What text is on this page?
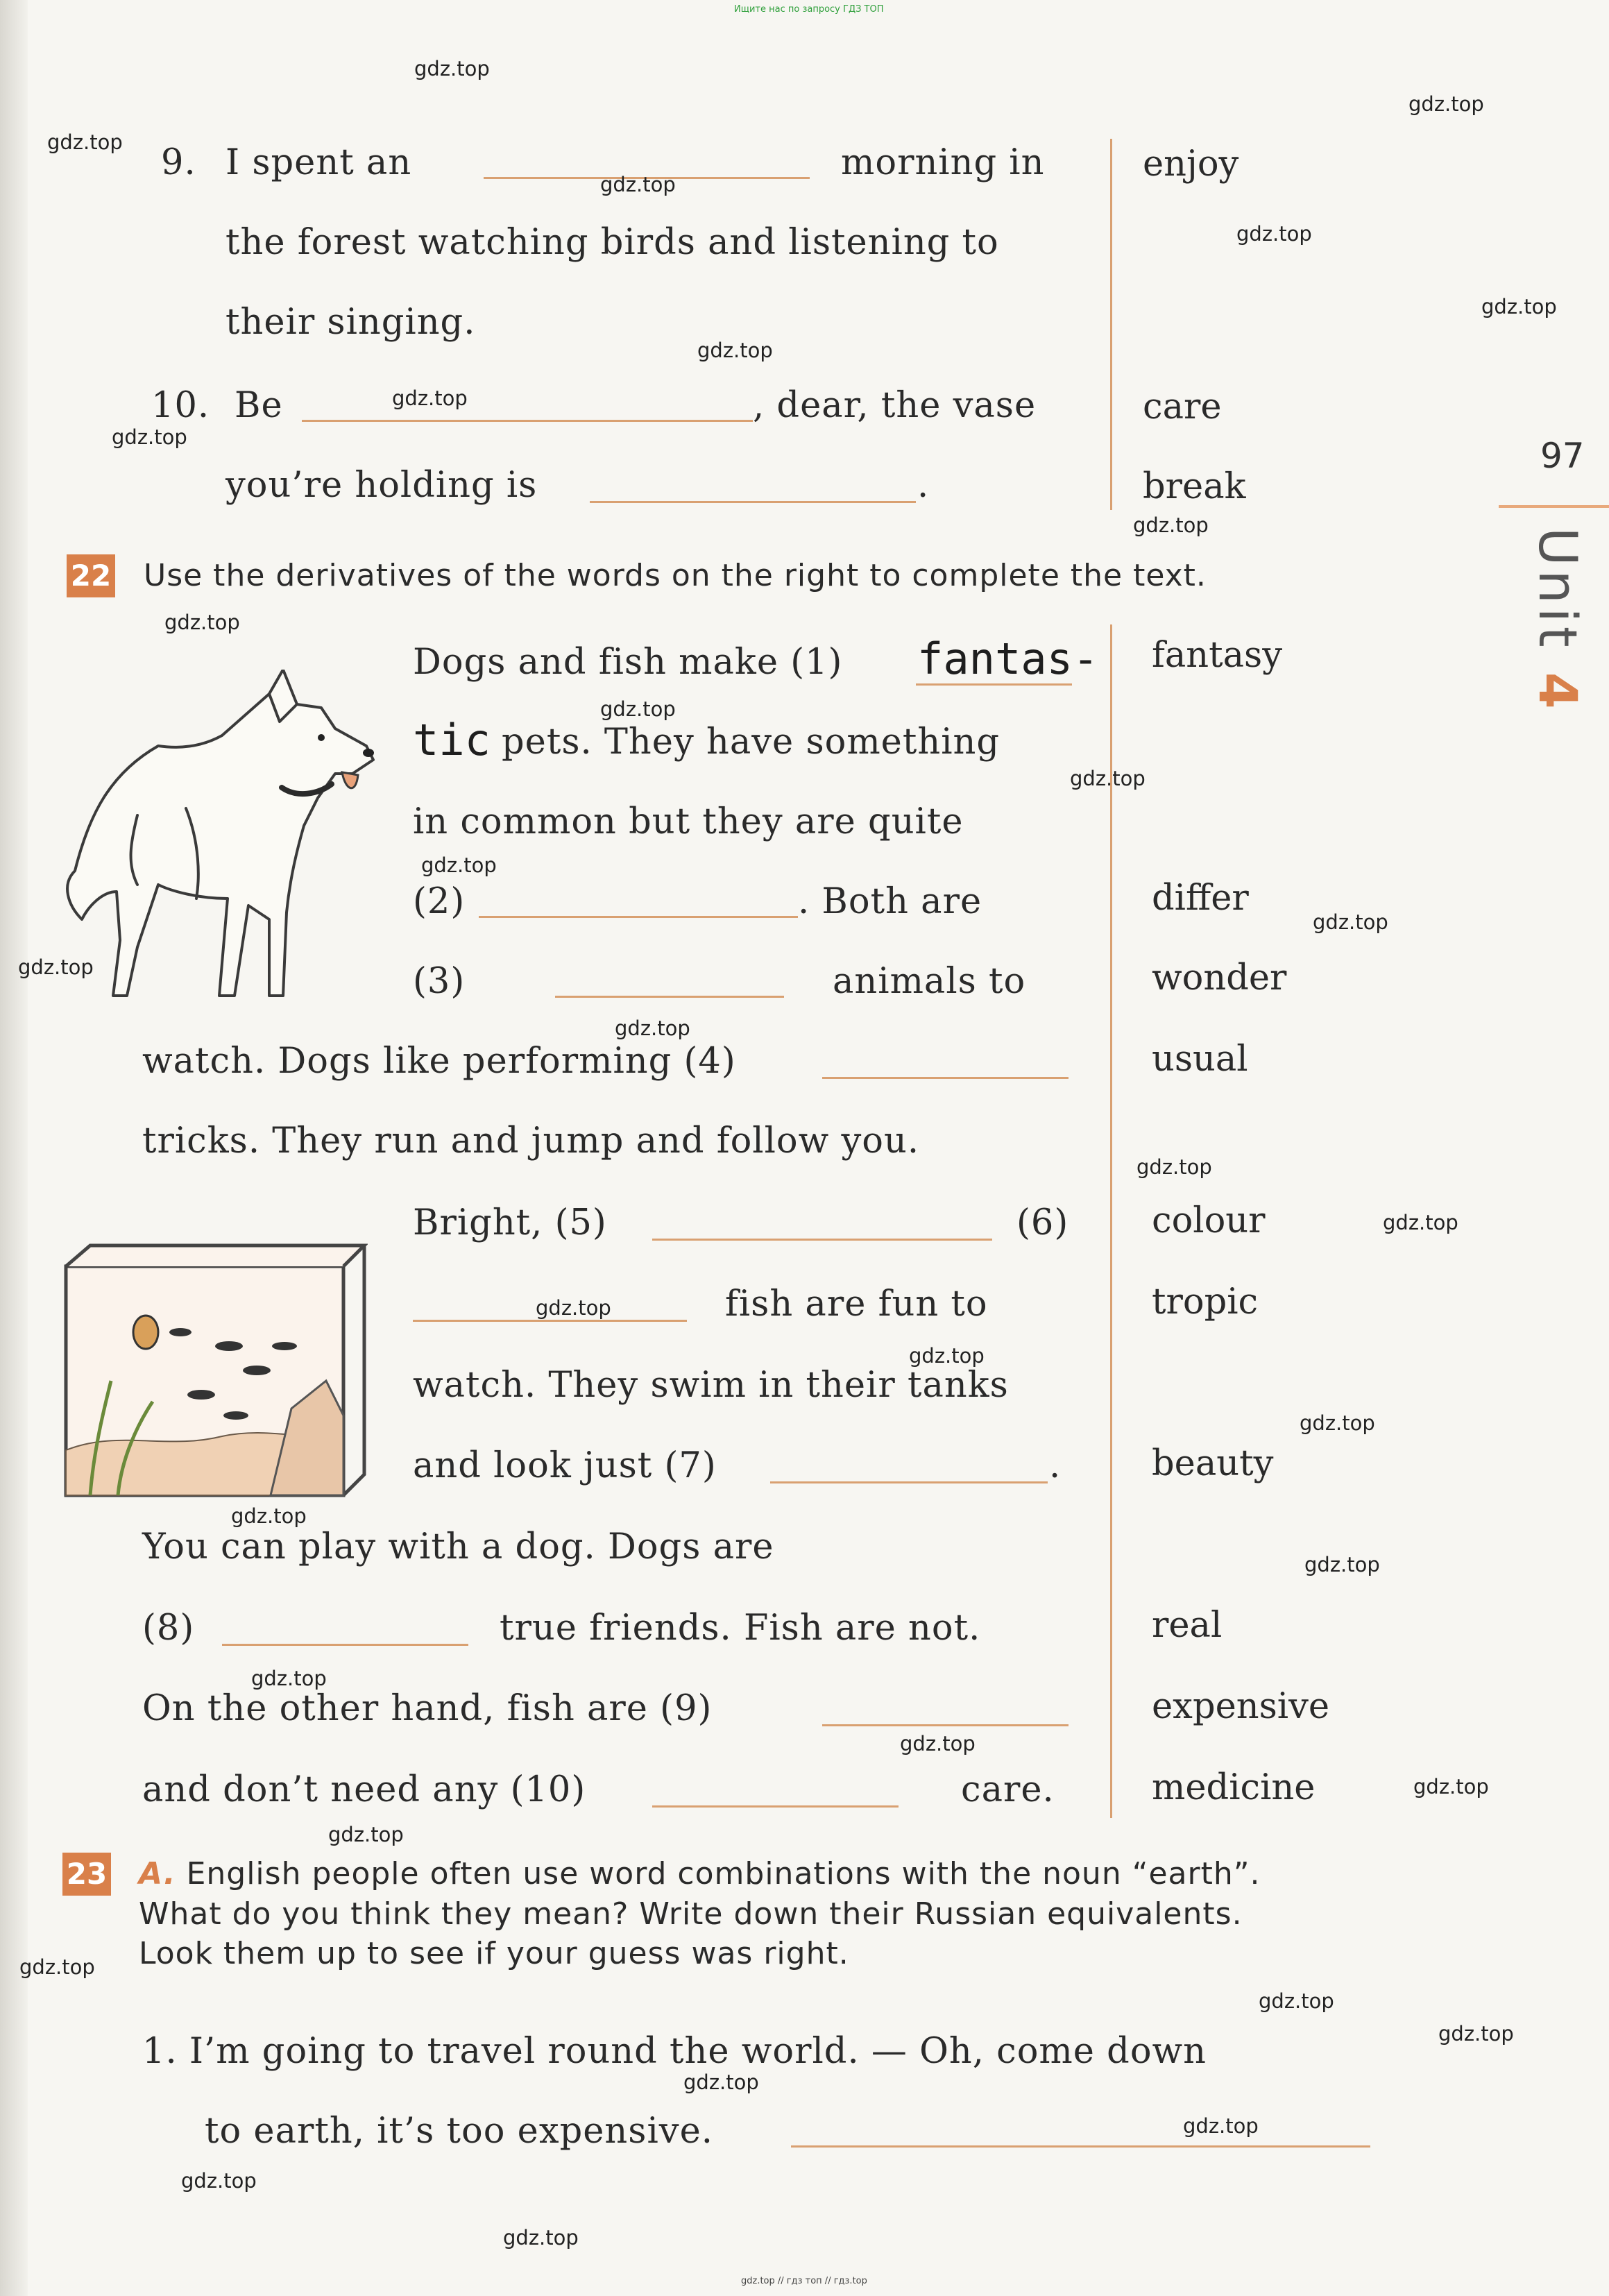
Ищите нас по запросу ГДЗ ТОП
gdz.top // гдз топ // гдз.top
97
Unit 4
9. I spent an	morning in
the forest watching birds and listening to
their singing.
enjoy
10. Be	, dear, the vase
you’re holding is	.
care
break
22 Use the derivatives of the words on the right to complete the text.
Dogs and fish make (1) fantas-
tic pets. They have something
in common but they are quite
(2)	. Both are
(3)	animals to
watch. Dogs like performing (4)
tricks. They run and jump and follow you.
Bright, (5)	(6)
fish are fun to
watch. They swim in their tanks
and look just (7)	.
You can play with a dog. Dogs are
(8)	true friends. Fish are not.
On the other hand, fish are (9)
and don’t need any (10)	care.
fantasy
differ
wonder
usual
colour
tropic
beauty
real
expensive
medicine
23 A. English people often use word combinations with the noun “earth”.
What do you think they mean? Write down their Russian equivalents.
Look them up to see if your guess was right.
1. I’m going to travel round the world. — Oh, come down
to earth, it’s too expensive.
gdz.top
gdz.top
gdz.top
gdz.top
gdz.top
gdz.top
gdz.top
gdz.top
gdz.top
gdz.top
gdz.top
gdz.top
gdz.top
gdz.top
gdz.top
gdz.top
gdz.top
gdz.top
gdz.top
gdz.top
gdz.top
gdz.top
gdz.top
gdz.top
gdz.top
gdz.top
gdz.top
gdz.top
gdz.top
gdz.top
gdz.top
gdz.top
gdz.top
gdz.top
gdz.top
